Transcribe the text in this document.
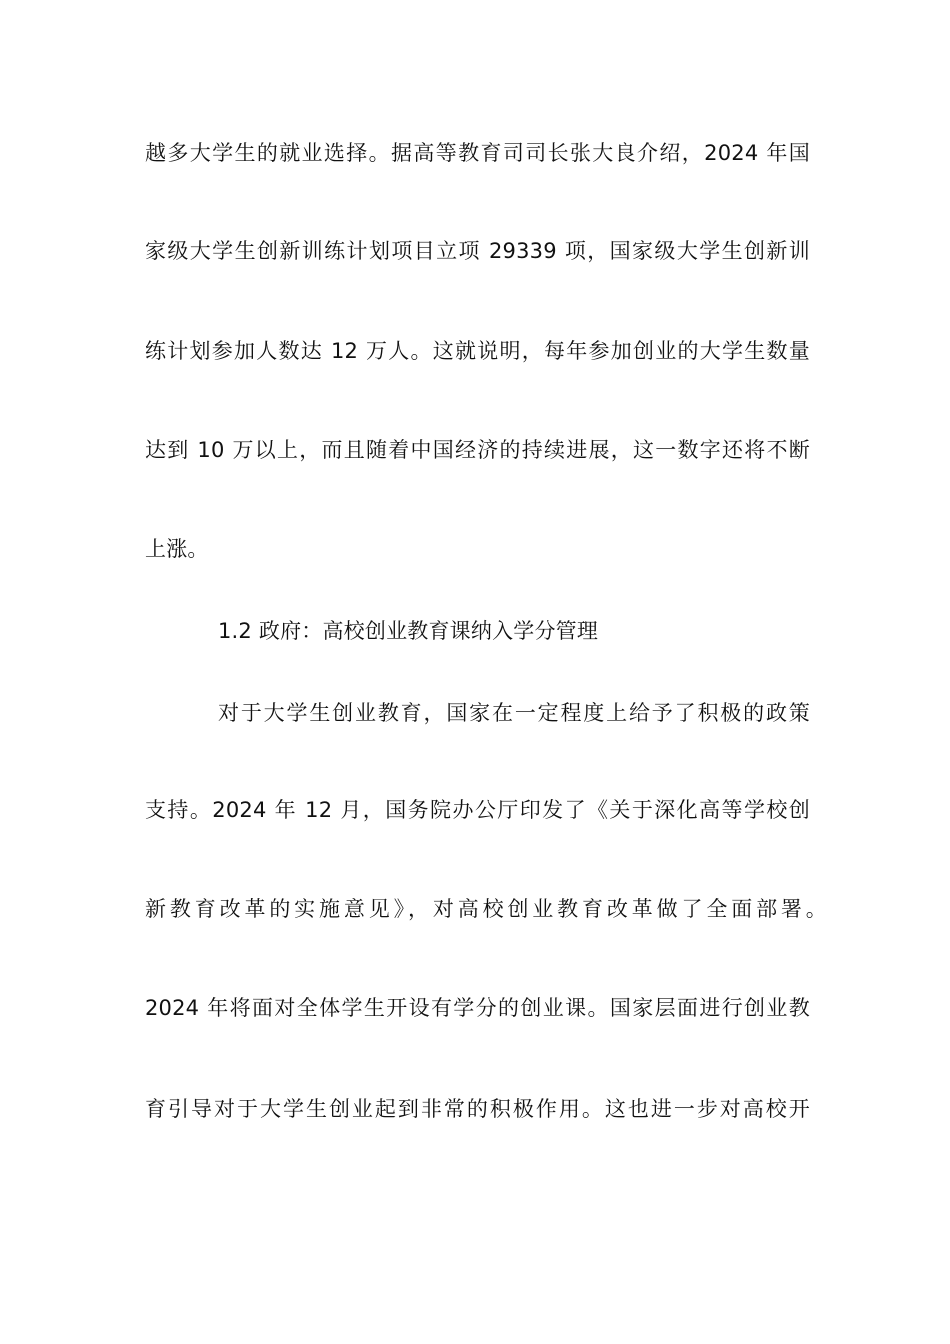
越多大学生的就业选择。据高等教育司司长张大良介绍，2024 年国
家级大学生创新训练计划项目立项 29339 项，国家级大学生创新训
练计划参加人数达 12 万人。这就说明，每年参加创业的大学生数量
达到 10 万以上，而且随着中国经济的持续进展，这一数字还将不断
上涨。
1.2 政府：高校创业教育课纳入学分管理
对于大学生创业教育，国家在一定程度上给予了积极的政策
支持。2024 年 12 月，国务院办公厅印发了《关于深化高等学校创
新教育改革的实施意见》，对高校创业教育改革做了全面部署。
2024 年将面对全体学生开设有学分的创业课。国家层面进行创业教
育引导对于大学生创业起到非常的积极作用。这也进一步对高校开
